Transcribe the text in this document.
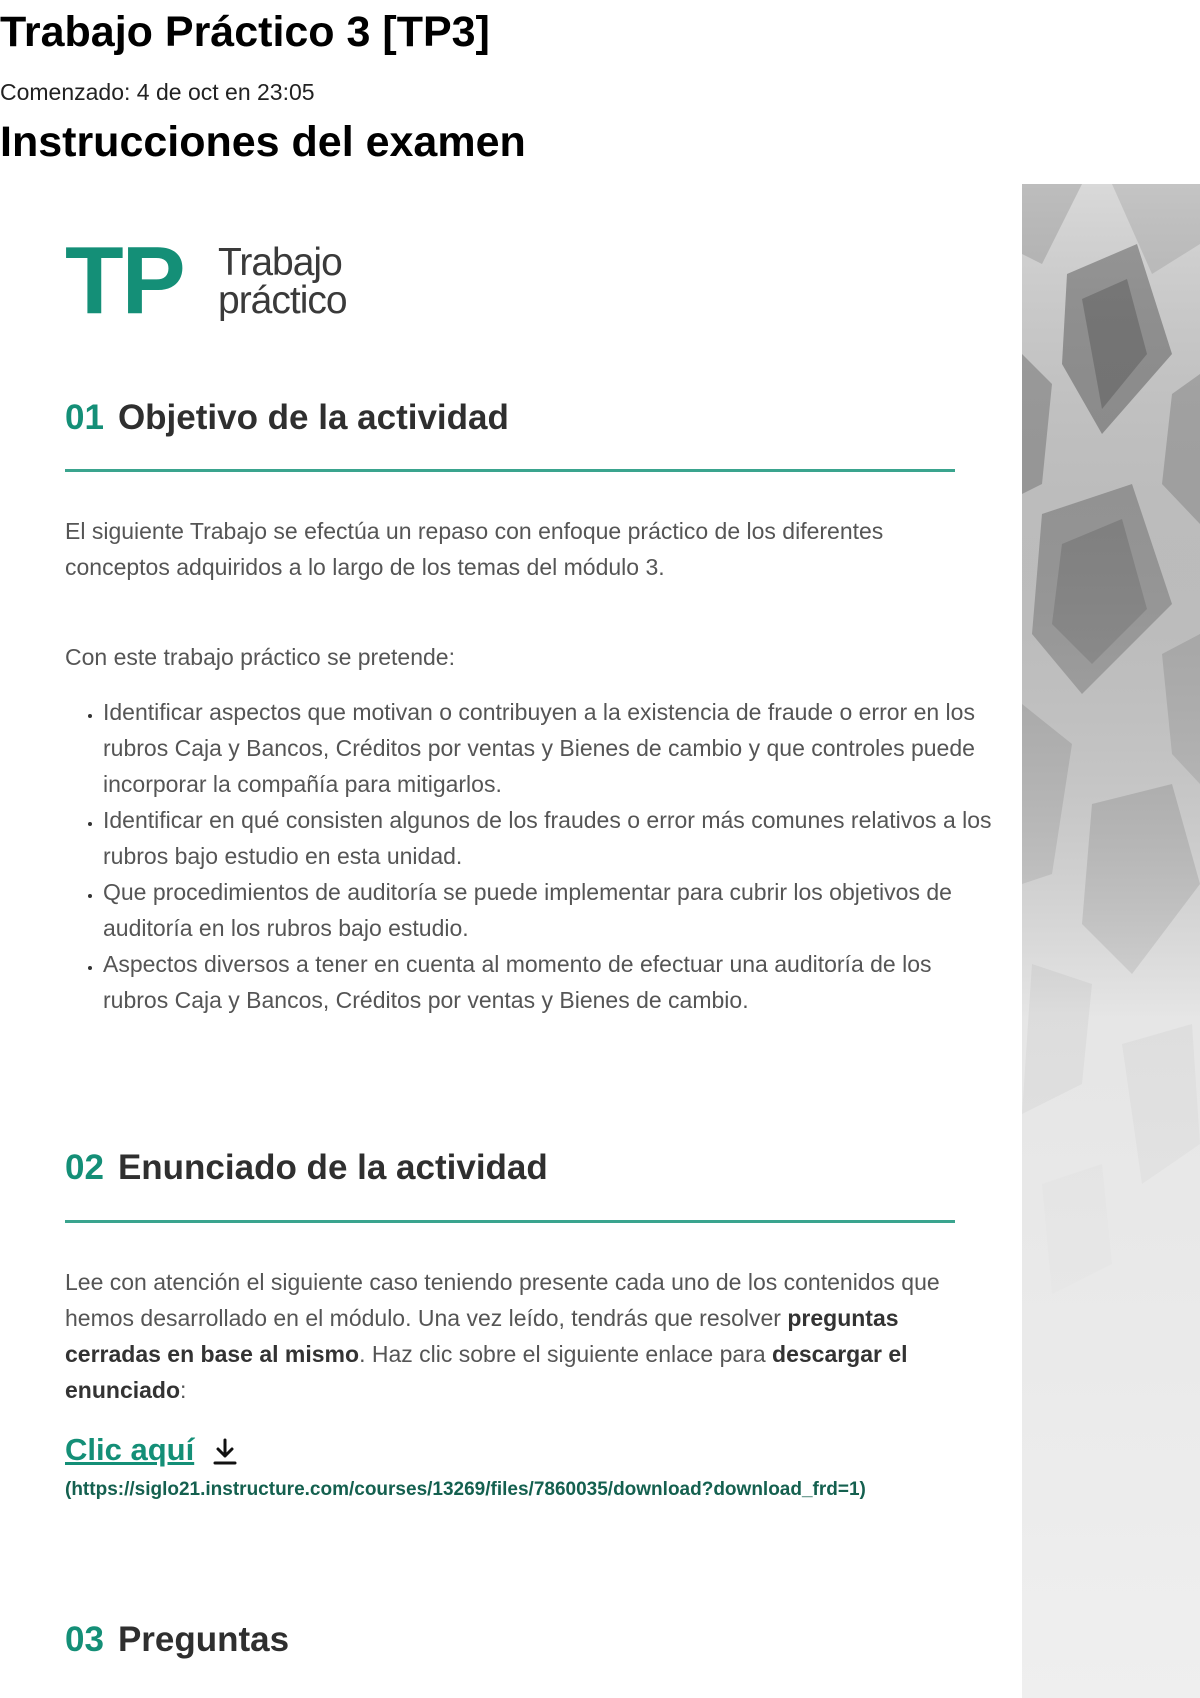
Trabajo Práctico 3 [TP3]
Comenzado: 4 de oct en 23:05
Instrucciones del examen
TP Trabajo
práctico
01 Objetivo de la actividad

El siguiente Trabajo se efectúa un repaso con enfoque práctico de los diferentes conceptos adquiridos a lo largo de los temas del módulo 3.

Con este trabajo práctico se pretende:

• Identificar aspectos que motivan o contribuyen a la existencia de fraude o error en los rubros Caja y Bancos, Créditos por ventas y Bienes de cambio y que controles puede incorporar la compañía para mitigarlos.
• Identificar en qué consisten algunos de los fraudes o error más comunes relativos a los rubros bajo estudio en esta unidad.
• Que procedimientos de auditoría se puede implementar para cubrir los objetivos de auditoría en los rubros bajo estudio.
• Aspectos diversos a tener en cuenta al momento de efectuar una auditoría de los rubros Caja y Bancos, Créditos por ventas y Bienes de cambio.
02 Enunciado de la actividad

Lee con atención el siguiente caso teniendo presente cada uno de los contenidos que hemos desarrollado en el módulo. Una vez leído, tendrás que resolver preguntas cerradas en base al mismo. Haz clic sobre el siguiente enlace para descargar el enunciado:

Clic aquí

(https://siglo21.instructure.com/courses/13269/files/7860035/download?download_frd=1)

03 Preguntas
